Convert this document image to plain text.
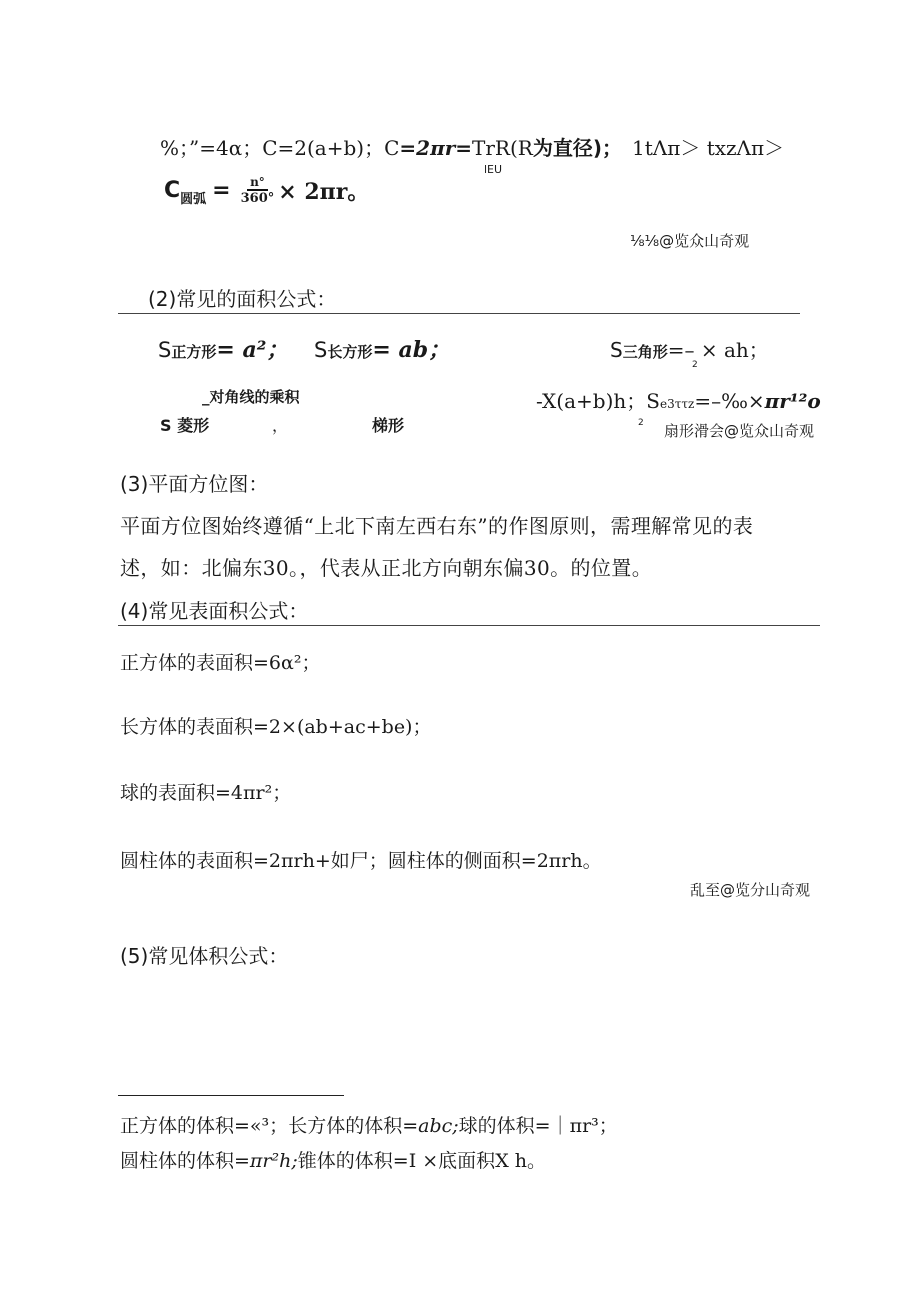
%；”=4α；C=2(a+b)；C=2πr=TrR(R为直径)； 1tΛπ＞ txzΛπ＞
lEU
C 圆弧 = $\frac{n^\circ}{360^\circ} \times 2\pi r$。
⅛⅛@览众山奇观
(2)常见的面积公式：
S正方形= a²； S长方形= ab；	S三角形=– × ah；
2
_对角线的乘积	-X(a+b)h；Se3ττz=–‰×πr¹²o
S 菱形	，	梯形	2 扇形滑会@览众山奇观
(3)平面方位图：
平面方位图始终遵循“上北下南左西右东”的作图原则，需理解常见的表
述，如：北偏东30。，代表从正北方向朝东偏30。的位置。
(4)常见表面积公式：
正方体的表面积=6α²；
长方体的表面积=2×(ab+ac+be)；
球的表面积=4πr²；
圆柱体的表面积=2πrh+如尸；圆柱体的侧面积=2πrh。
乱至@览分山奇观
(5)常见体积公式：
正方体的体积=«³；长方体的体积=abc;球的体积=｜πr³；
圆柱体的体积=πr²h;锥体的体积=I ×底面积X h。
